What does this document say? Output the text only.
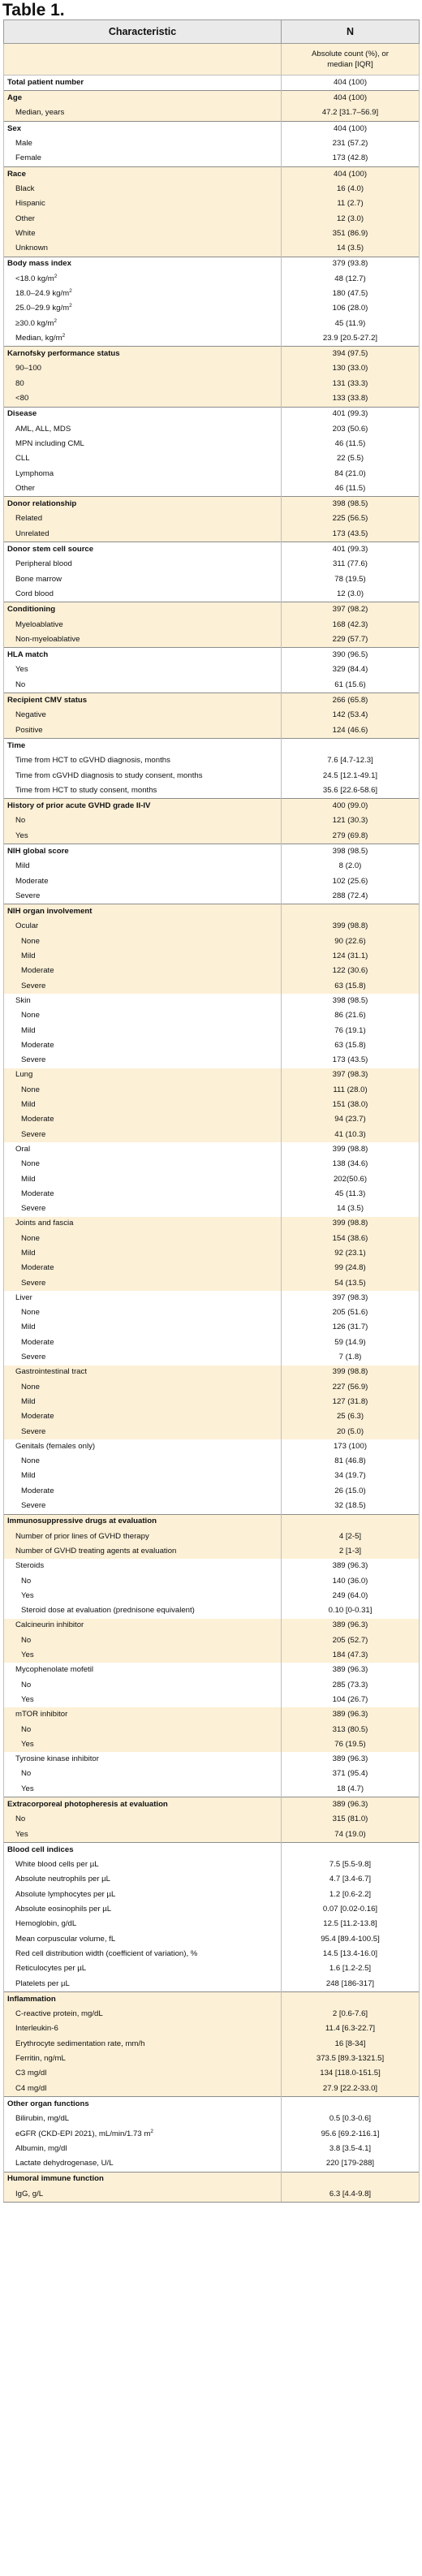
Table 1.
Characteristic	N
	Absolute count (%), or
median [IQR]
Total patient number	404 (100)
Age	404 (100)
Median, years	47.2 [31.7–56.9]
Sex	404 (100)
Male	231 (57.2)
Female	173 (42.8)
Race	404 (100)
Black	16 (4.0)
Hispanic	11 (2.7)
Other	12 (3.0)
White	351 (86.9)
Unknown	14 (3.5)
Body mass index	379 (93.8)
<18.0 $kg/m^2$	48 (12.7)
18.0–24.9 $kg/m^2$	180 (47.5)
25.0–29.9 $kg/m^2$	106 (28.0)
≥30.0 $kg/m^2$	45 (11.9)
Median, $kg/m^2$	23.9 [20.5-27.2]
Karnofsky performance status	394 (97.5)
90–100	130 (33.0)
80	131 (33.3)
<80	133 (33.8)
Disease	401 (99.3)
AML, ALL, MDS	203 (50.6)
MPN including CML	46 (11.5)
CLL	22 (5.5)
Lymphoma	84 (21.0)
Other	46 (11.5)
Donor relationship	398 (98.5)
Related	225 (56.5)
Unrelated	173 (43.5)
Donor stem cell source	401 (99.3)
Peripheral blood	311 (77.6)
Bone marrow	78 (19.5)
Cord blood	12 (3.0)
Conditioning	397 (98.2)
Myeloablative	168 (42.3)
Non-myeloablative	229 (57.7)
HLA match	390 (96.5)
Yes	329 (84.4)
No	61 (15.6)
Recipient CMV status	266 (65.8)
Negative	142 (53.4)
Positive	124 (46.6)
Time	
Time from HCT to cGVHD diagnosis, months	7.6 [4.7-12.3]
Time from cGVHD diagnosis to study consent, months	24.5 [12.1-49.1]
Time from HCT to study consent, months	35.6 [22.6-58.6]
History of prior acute GVHD grade II-IV	400 (99.0)
No	121 (30.3)
Yes	279 (69.8)
NIH global score	398 (98.5)
Mild	8 (2.0)
Moderate	102 (25.6)
Severe	288 (72.4)
NIH organ involvement	
Ocular	399 (98.8)
None	90 (22.6)
Mild	124 (31.1)
Moderate	122 (30.6)
Severe	63 (15.8)
Skin	398 (98.5)
None	86 (21.6)
Mild	76 (19.1)
Moderate	63 (15.8)
Severe	173 (43.5)
Lung	397 (98.3)
None	111 (28.0)
Mild	151 (38.0)
Moderate	94 (23.7)
Severe	41 (10.3)
Oral	399 (98.8)
None	138 (34.6)
Mild	202(50.6)
Moderate	45 (11.3)
Severe	14 (3.5)
Joints and fascia	399 (98.8)
None	154 (38.6)
Mild	92 (23.1)
Moderate	99 (24.8)
Severe	54 (13.5)
Liver	397 (98.3)
None	205 (51.6)
Mild	126 (31.7)
Moderate	59 (14.9)
Severe	7 (1.8)
Gastrointestinal tract	399 (98.8)
None	227 (56.9)
Mild	127 (31.8)
Moderate	25 (6.3)
Severe	20 (5.0)
Genitals (females only)	173 (100)
None	81 (46.8)
Mild	34 (19.7)
Moderate	26 (15.0)
Severe	32 (18.5)
Immunosuppressive drugs at evaluation	
Number of prior lines of GVHD therapy	4 [2-5]
Number of GVHD treating agents at evaluation	2 [1-3]
Steroids	389 (96.3)
No	140 (36.0)
Yes	249 (64.0)
Steroid dose at evaluation (prednisone equivalent)	0.10 [0-0.31]
Calcineurin inhibitor	389 (96.3)
No	205 (52.7)
Yes	184 (47.3)
Mycophenolate mofetil	389 (96.3)
No	285 (73.3)
Yes	104 (26.7)
mTOR inhibitor	389 (96.3)
No	313 (80.5)
Yes	76 (19.5)
Tyrosine kinase inhibitor	389 (96.3)
No	371 (95.4)
Yes	18 (4.7)
Extracorporeal photopheresis at evaluation	389 (96.3)
No	315 (81.0)
Yes	74 (19.0)
Blood cell indices	
White blood cells per µL	7.5 [5.5-9.8]
Absolute neutrophils per µL	4.7 [3.4-6.7]
Absolute lymphocytes per µL	1.2 [0.6-2.2]
Absolute eosinophils per µL	0.07 [0.02-0.16]
Hemoglobin, g/dL	12.5 [11.2-13.8]
Mean corpuscular volume, fL	95.4 [89.4-100.5]
Red cell distribution width (coefficient of variation), %	14.5 [13.4-16.0]
Reticulocytes per µL	1.6 [1.2-2.5]
Platelets per µL	248 [186-317]
Inflammation	
C-reactive protein, mg/dL	2 [0.6-7.6]
Interleukin-6	11.4 [6.3-22.7]
Erythrocyte sedimentation rate, mm/h	16 [8-34]
Ferritin, ng/mL	373.5 [89.3-1321.5]
C3 mg/dl	134 [118.0-151.5]
C4 mg/dl	27.9 [22.2-33.0]
Other organ functions	
Bilirubin, mg/dL	0.5 [0.3-0.6]
eGFR (CKD-EPI 2021), mL/min/1.73 $m^2$	95.6 [69.2-116.1]
Albumin, mg/dl	3.8 [3.5-4.1]
Lactate dehydrogenase, U/L	220 [179-288]
Humoral immune function	
IgG, g/L	6.3 [4.4-9.8]
